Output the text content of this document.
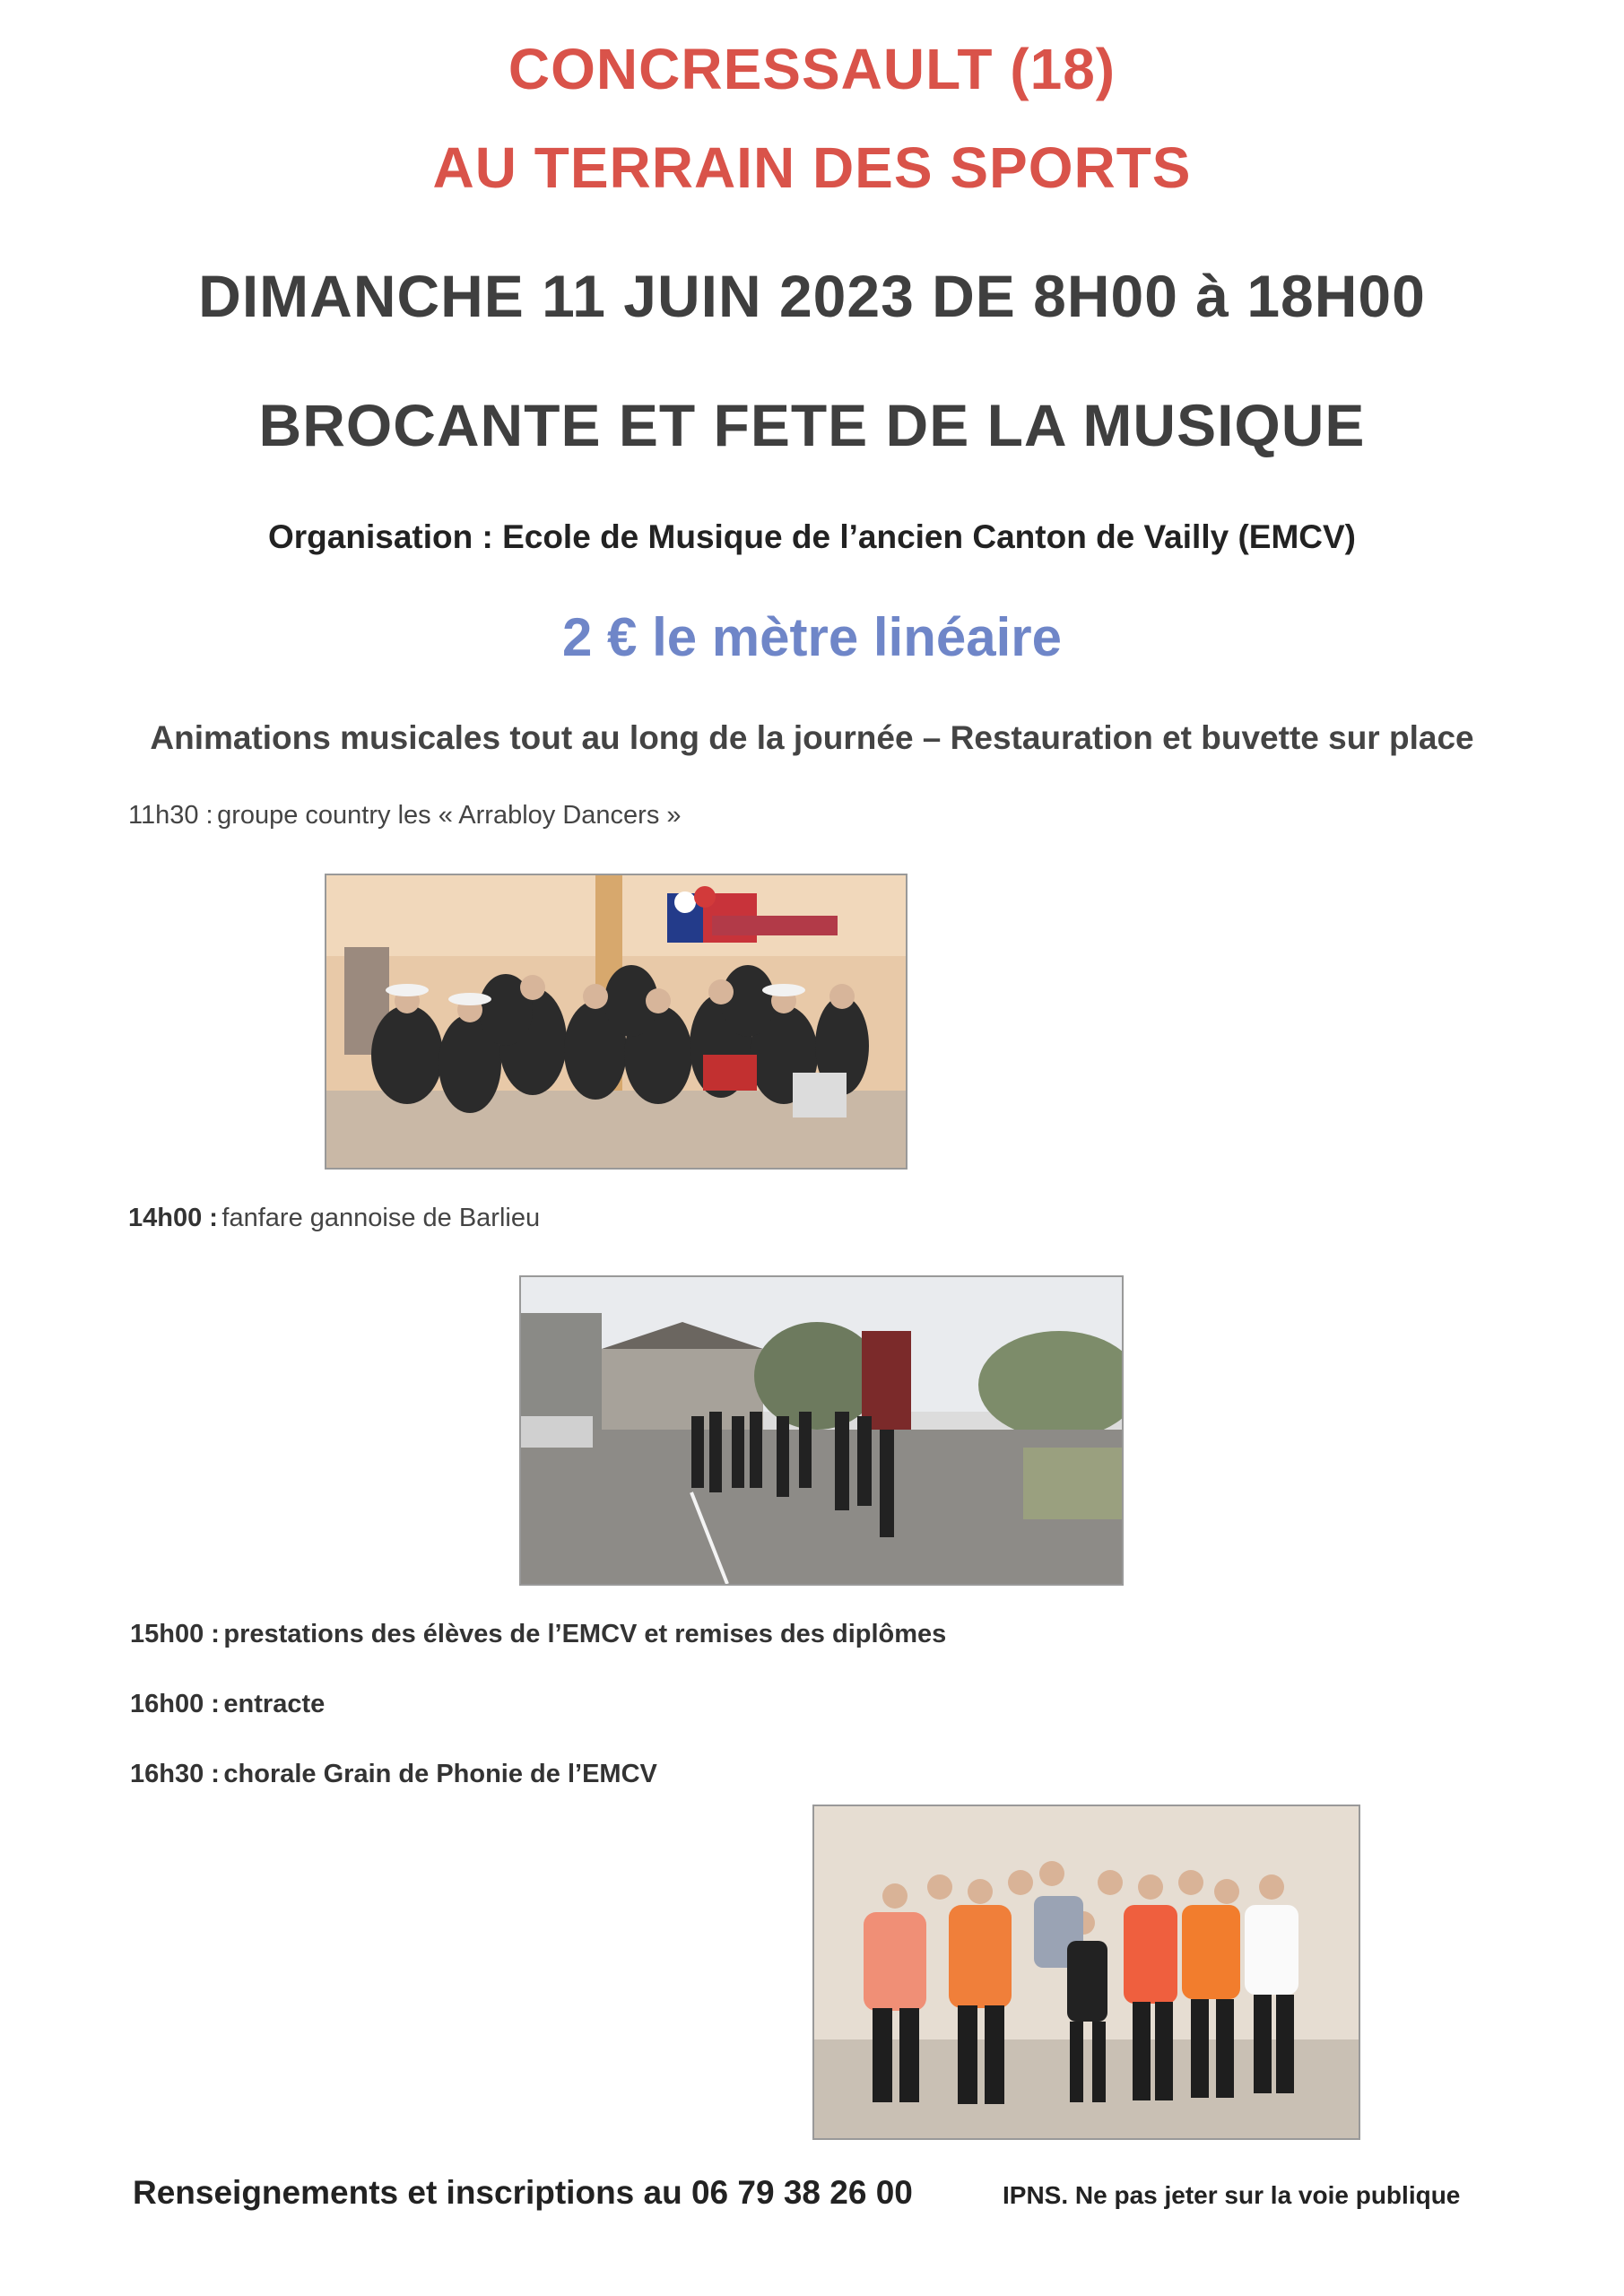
CONCRESSAULT (18)
AU TERRAIN DES SPORTS
DIMANCHE 11 JUIN 2023 DE 8H00 à 18H00
BROCANTE ET FETE DE LA MUSIQUE
Organisation : Ecole de Musique de l’ancien Canton de Vailly (EMCV)
2 € le mètre linéaire
Animations musicales tout au long de la journée – Restauration et buvette sur place
11h30 : groupe country les « Arrabloy Dancers »
14h00 : fanfare gannoise de Barlieu
15h00 : prestations des élèves de l’EMCV et remises des diplômes
16h00 : entracte
16h30 : chorale Grain de Phonie de l’EMCV
Renseignements et inscriptions au 06 79 38 26 00	IPNS. Ne pas jeter sur la voie publique
